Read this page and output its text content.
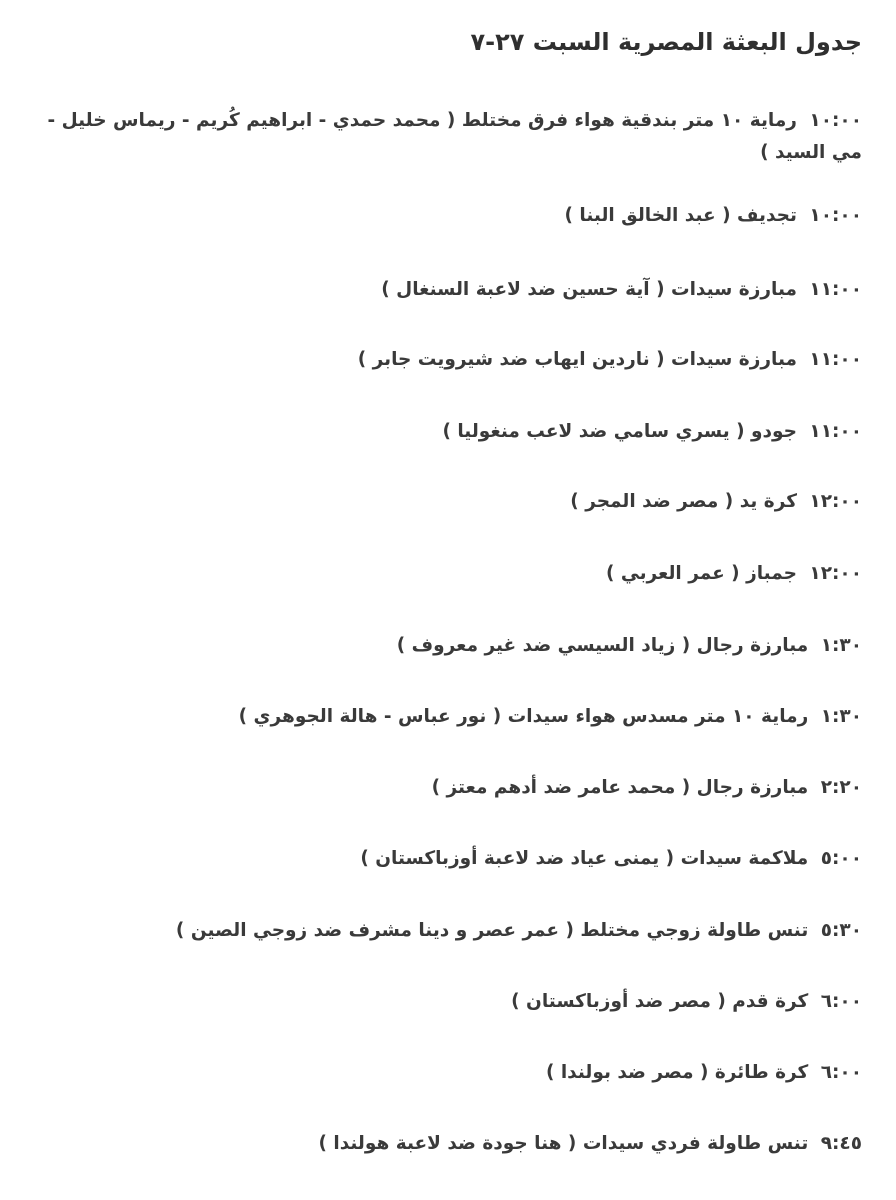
جدول البعثة المصرية السبت ٢٧-٧

١٠:٠٠ رماية ١٠ متر بندقية هواء فرق مختلط ( محمد حمدي - ابراهيم كُريم - ريماس خليل - مي السيد )

١٠:٠٠ تجديف ( عبد الخالق البنا )

١١:٠٠ مبارزة سيدات ( آية حسين ضد لاعبة السنغال )

١١:٠٠ مبارزة سيدات ( ناردين ايهاب ضد شيرويت جابر )

١١:٠٠ جودو ( يسري سامي ضد لاعب منغوليا )

١٢:٠٠ كرة يد ( مصر ضد المجر )

١٢:٠٠ جمباز ( عمر العربي )

١:٣٠ مبارزة رجال ( زياد السيسي ضد غير معروف )

١:٣٠ رماية ١٠ متر مسدس هواء سيدات ( نور عباس - هالة الجوهري )

٢:٢٠ مبارزة رجال ( محمد عامر ضد أدهم معتز )

٥:٠٠ ملاكمة سيدات ( يمنى عياد ضد لاعبة أوزباكستان )

٥:٣٠ تنس طاولة زوجي مختلط ( عمر عصر و دينا مشرف ضد زوجي الصين )

٦:٠٠ كرة قدم ( مصر ضد أوزباكستان )

٦:٠٠ كرة طائرة ( مصر ضد بولندا )

٩:٤٥ تنس طاولة فردي سيدات ( هنا جودة ضد لاعبة هولندا )
